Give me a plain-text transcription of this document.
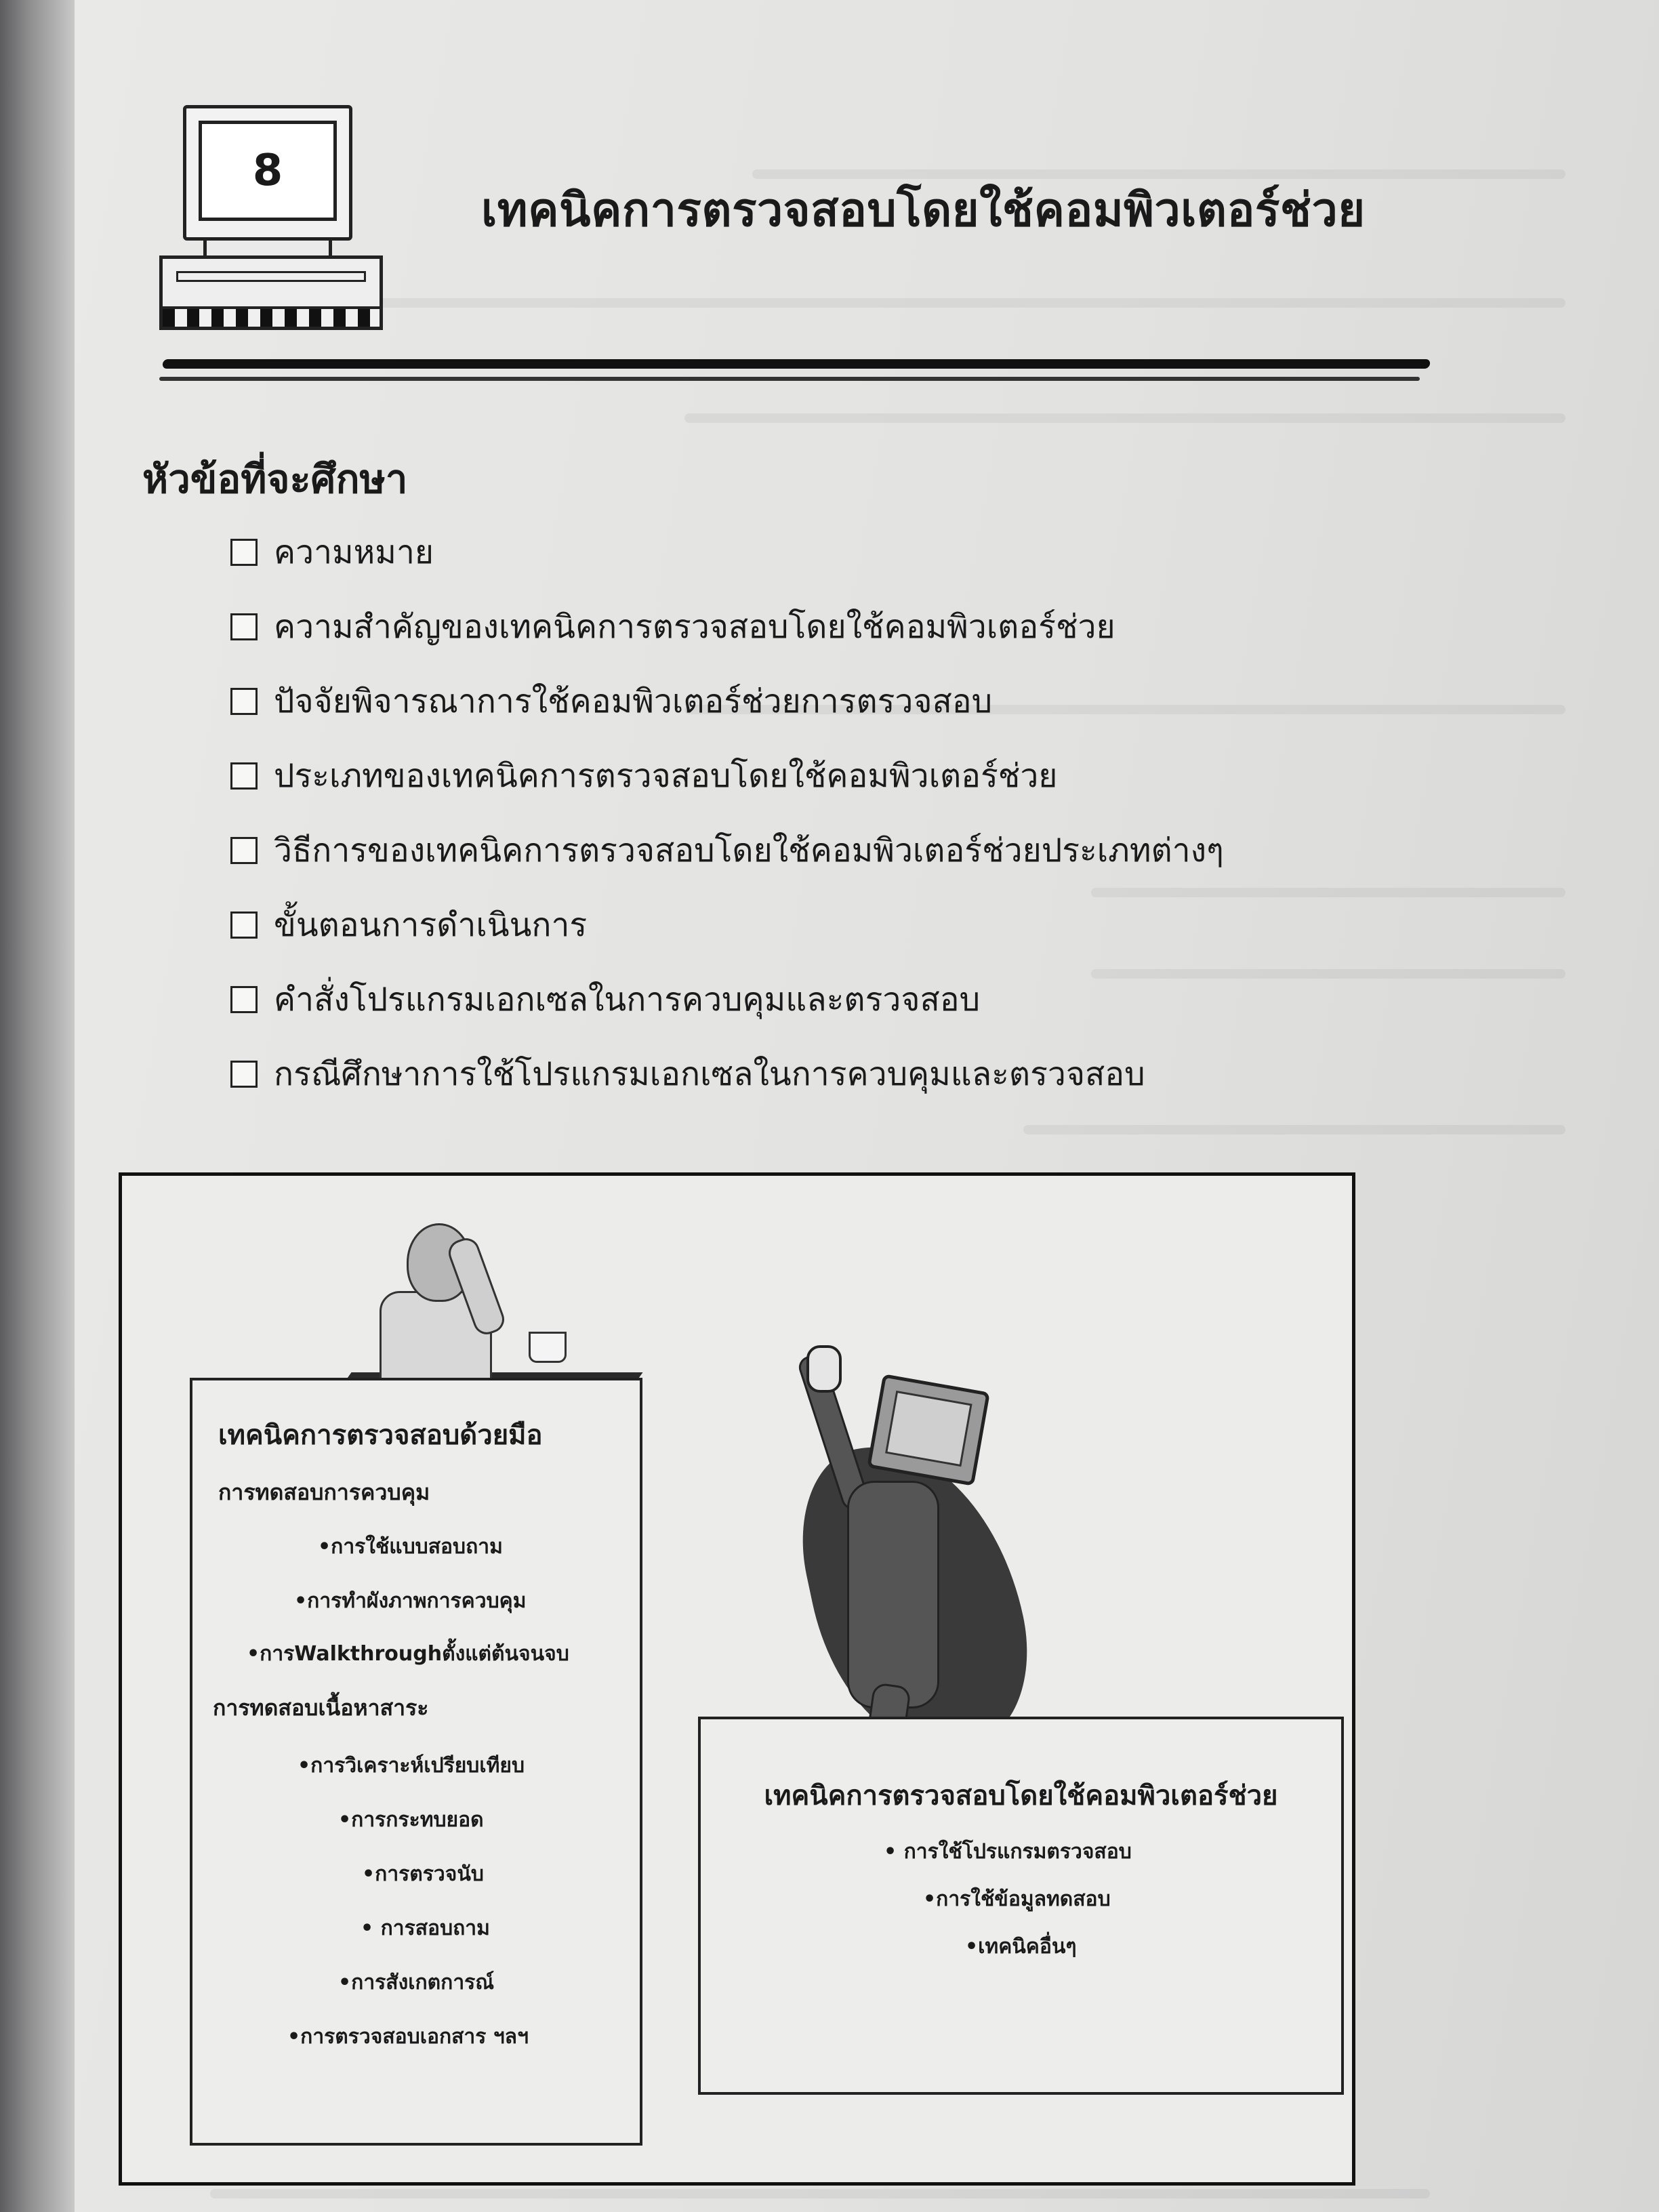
8
เทคนิคการตรวจสอบโดยใช้คอมพิวเตอร์ช่วย
หัวข้อที่จะศึกษา
ความหมาย
ความสำคัญของเทคนิคการตรวจสอบโดยใช้คอมพิวเตอร์ช่วย
ปัจจัยพิจารณาการใช้คอมพิวเตอร์ช่วยการตรวจสอบ
ประเภทของเทคนิคการตรวจสอบโดยใช้คอมพิวเตอร์ช่วย
วิธีการของเทคนิคการตรวจสอบโดยใช้คอมพิวเตอร์ช่วยประเภทต่างๆ
ขั้นตอนการดำเนินการ
คำสั่งโปรแกรมเอกเซลในการควบคุมและตรวจสอบ
กรณีศึกษาการใช้โปรแกรมเอกเซลในการควบคุมและตรวจสอบ
เทคนิคการตรวจสอบด้วยมือ
การทดสอบการควบคุม
•การใช้แบบสอบถาม
•การทำผังภาพการควบคุม
•การWalkthroughตั้งแต่ต้นจนจบ
การทดสอบเนื้อหาสาระ
•การวิเคราะห์เปรียบเทียบ
•การกระทบยอด
•การตรวจนับ
• การสอบถาม
•การสังเกตการณ์
•การตรวจสอบเอกสาร ฯลฯ
เทคนิคการตรวจสอบโดยใช้คอมพิวเตอร์ช่วย
• การใช้โปรแกรมตรวจสอบ
•การใช้ข้อมูลทดสอบ
•เทคนิคอื่นๆ
